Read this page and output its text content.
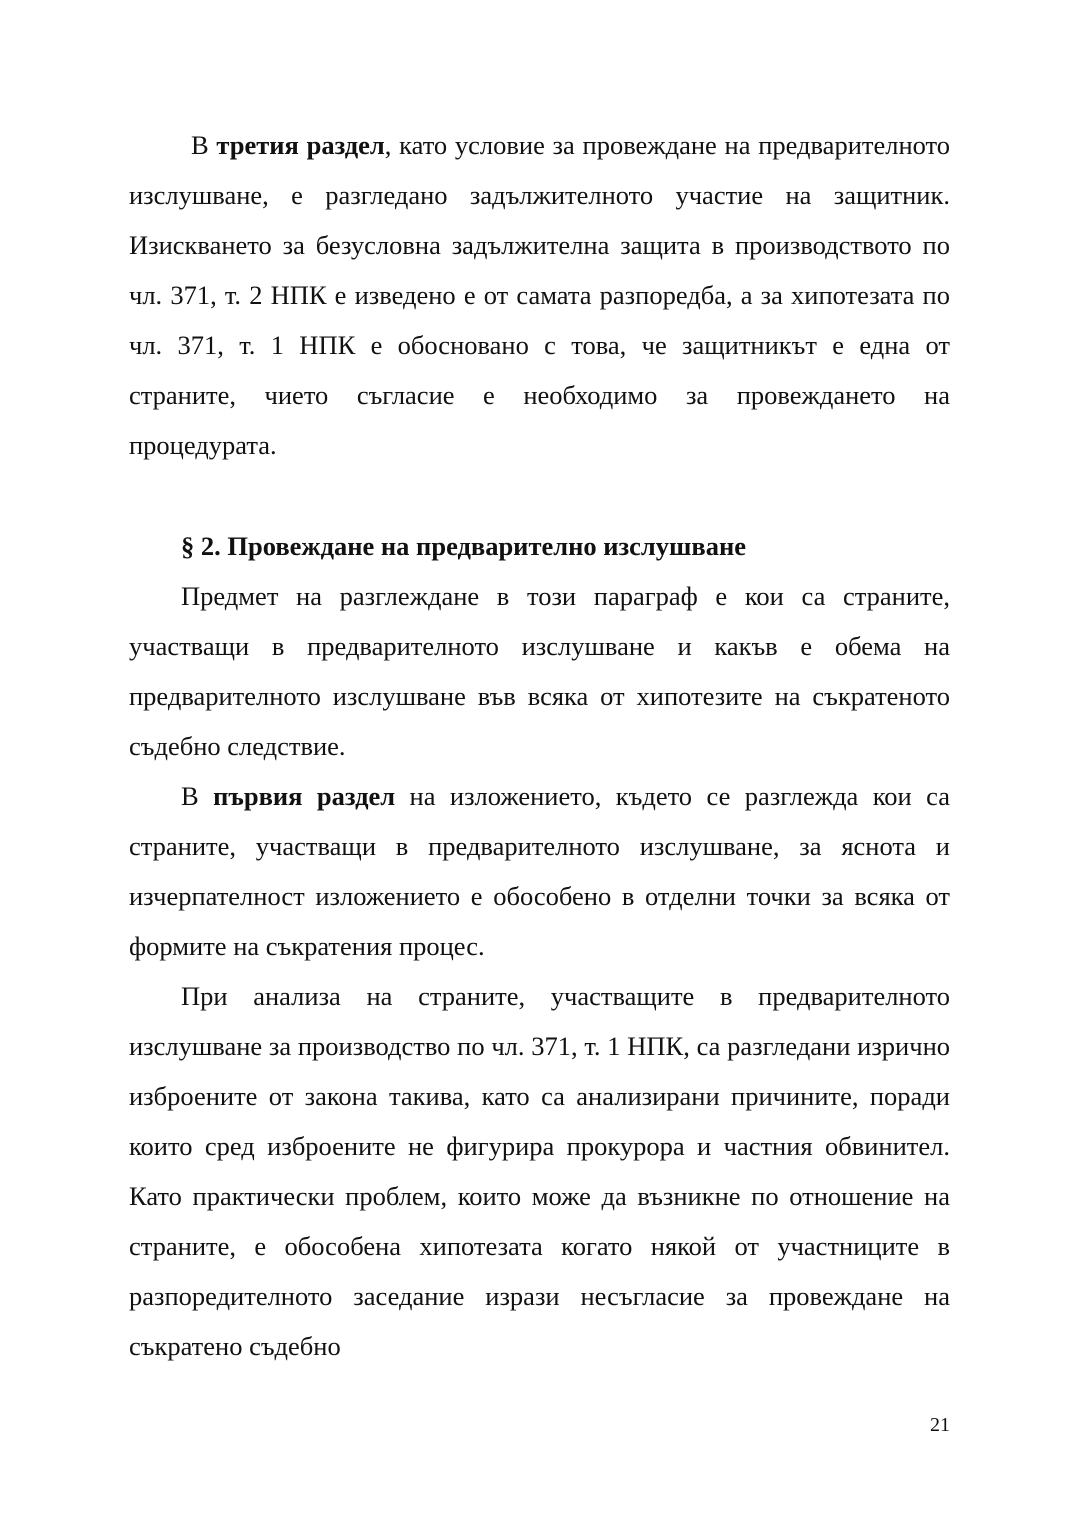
В третия раздел, като условие за провеждане на предварителното изслушване, е разгледано задължителното участие на защитник. Изискването за безусловна задължителна защита в производството по чл. 371, т. 2 НПК е изведено е от самата разпоредба, а за хипотезата по чл. 371, т. 1 НПК е обосновано с това, че защитникът е една от страните, чието съгласие е необходимо за провеждането на процедурата.

§ 2. Провеждане на предварително изслушване

Предмет на разглеждане в този параграф е кои са страните, участващи в предварителното изслушване и какъв е обема на предварителното изслушване във всяка от хипотезите на съкратеното съдебно следствие.

В първия раздел на изложението, където се разглежда кои са страните, участващи в предварителното изслушване, за яснота и изчерпателност изложението е обособено в отделни точки за всяка от формите на съкратения процес.

При анализа на страните, участващите в предварителното изслушване за производство по чл. 371, т. 1 НПК, са разгледани изрично изброените от закона такива, като са анализирани причините, поради които сред изброените не фигурира прокурора и частния обвинител. Като практически проблем, които може да възникне по отношение на страните, е обособена хипотезата когато някой от участниците в разпоредителното заседание изрази несъгласие за провеждане на съкратено съдебно

21
